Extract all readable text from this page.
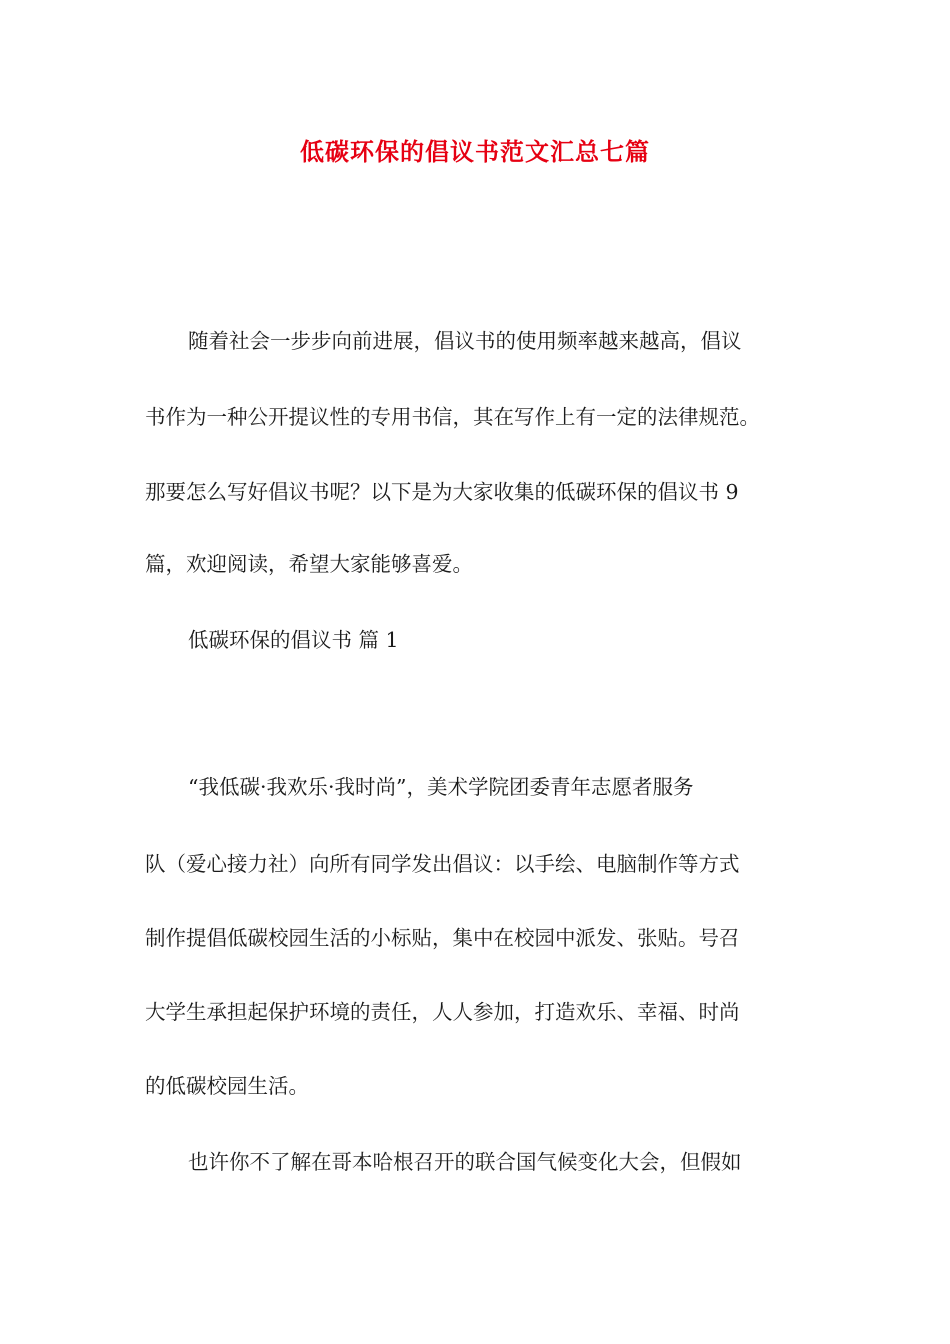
低碳环保的倡议书范文汇总七篇

随着社会一步步向前进展，倡议书的使用频率越来越高，倡议

书作为一种公开提议性的专用书信，其在写作上有一定的法律规范。

那要怎么写好倡议书呢？以下是为大家收集的低碳环保的倡议书 9

篇，欢迎阅读，希望大家能够喜爱。

低碳环保的倡议书 篇 1

“我低碳·我欢乐·我时尚”，美术学院团委青年志愿者服务

队（爱心接力社）向所有同学发出倡议：以手绘、电脑制作等方式

制作提倡低碳校园生活的小标贴，集中在校园中派发、张贴。号召

大学生承担起保护环境的责任，人人参加，打造欢乐、幸福、时尚

的低碳校园生活。

也许你不了解在哥本哈根召开的联合国气候变化大会，但假如
